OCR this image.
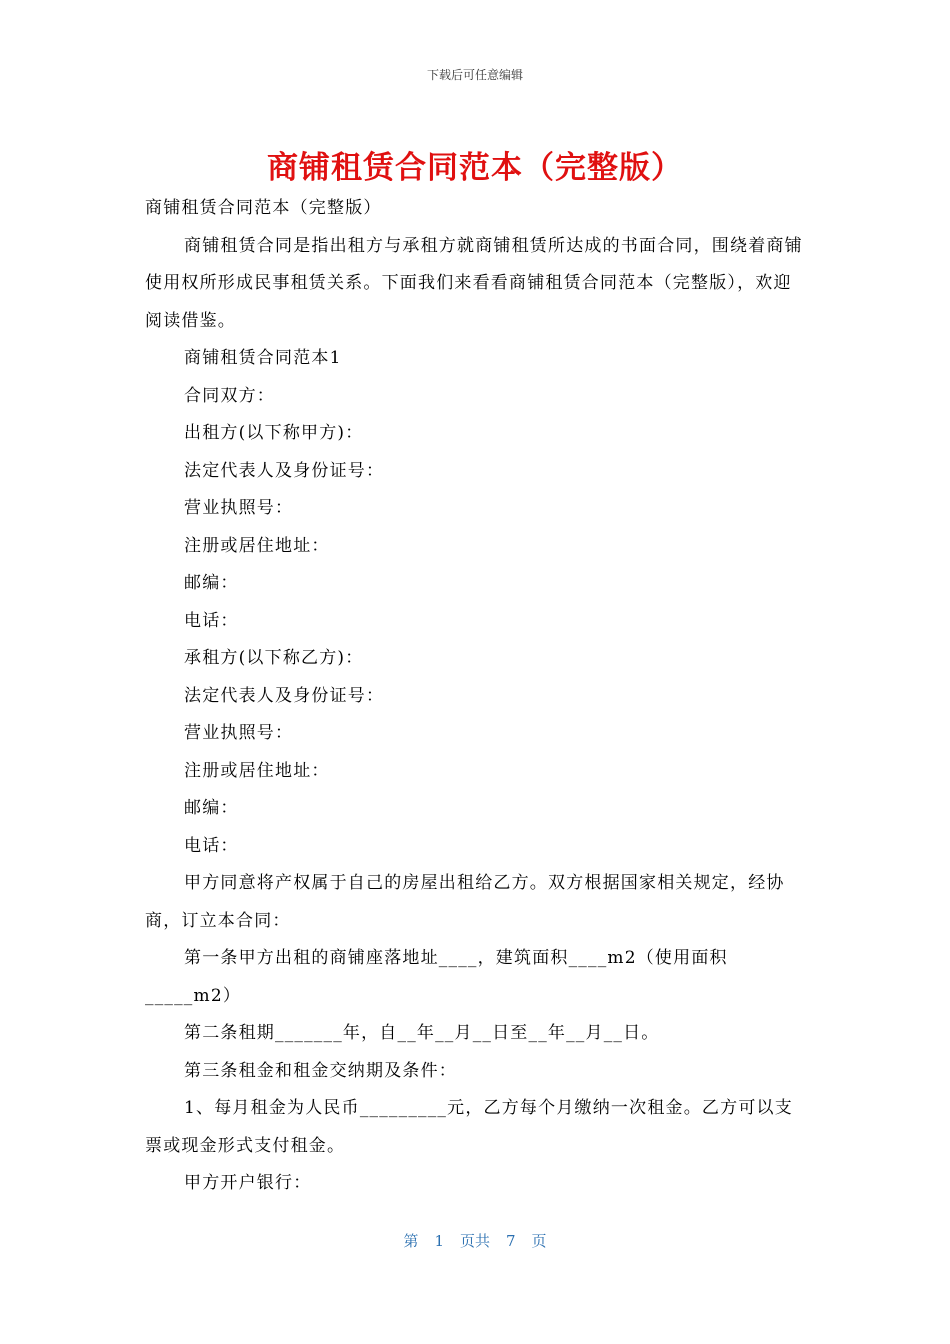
下载后可任意编辑
商铺租赁合同范本（完整版）

商铺租赁合同范本（完整版）

商铺租赁合同是指出租方与承租方就商铺租赁所达成的书面合同，围绕着商铺使用权所形成民事租赁关系。下面我们来看看商铺租赁合同范本（完整版），欢迎阅读借鉴。

商铺租赁合同范本1

合同双方：

出租方(以下称甲方)：

法定代表人及身份证号：

营业执照号：

注册或居住地址：

邮编：

电话：

承租方(以下称乙方)：

法定代表人及身份证号：

营业执照号：

注册或居住地址：

邮编：

电话：

甲方同意将产权属于自己的房屋出租给乙方。双方根据国家相关规定，经协商，订立本合同：

第一条甲方出租的商铺座落地址____，建筑面积____m2（使用面积_____m2）

第二条租期_______年，自__年__月__日至__年__月__日。

第三条租金和租金交纳期及条件：

1、每月租金为人民币_________元，乙方每个月缴纳一次租金。乙方可以支票或现金形式支付租金。

甲方开户银行：

第 1 页共 7 页
